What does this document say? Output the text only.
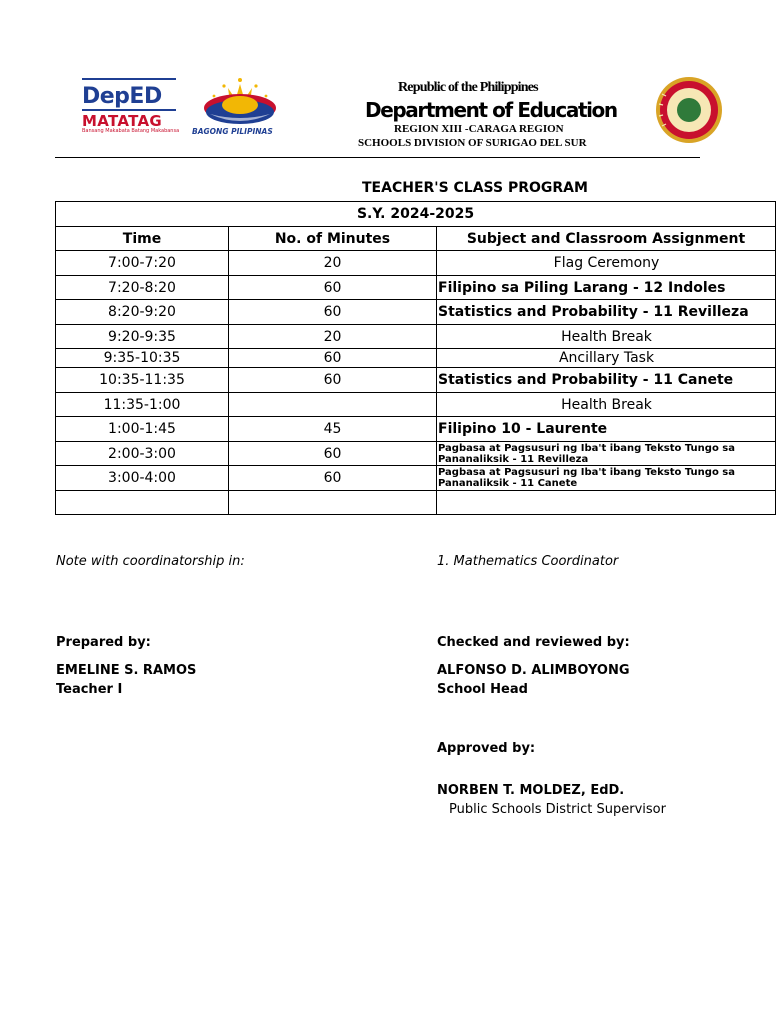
DepED
MATATAG
Bansang Makabata Batang Makabansa BAGONG PILIPINAS
Republic of the Philippines
Department of Education
REGION XIII -CARAGA REGION
SCHOOLS DIVISION OF SURIGAO DEL SUR
TEACHER'S CLASS PROGRAM
S.Y. 2024-2025		
Time	No. of Minutes	Subject and Classroom Assignment
7:00-7:20	20	Flag Ceremony
7:20-8:20	60	Filipino sa Piling Larang - 12 Indoles
8:20-9:20	60	Statistics and Probability - 11 Revilleza
9:20-9:35	20	Health Break
9:35-10:35	60	Ancillary Task
10:35-11:35	60	Statistics and Probability - 11 Canete
11:35-1:00		Health Break
1:00-1:45	45	Filipino 10 - Laurente
2:00-3:00	60	Pagbasa at Pagsusuri ng Iba't ibang Teksto Tungo sa
Pananaliksik - 11 Revilleza

3:00-4:00	60	Pagbasa at Pagsusuri ng Iba't ibang Teksto Tungo sa
Pananaliksik - 11 Canete

Note with coordinatorship in:	1. Mathematics Coordinator
Prepared by:
EMELINE S. RAMOS
Teacher I
Checked and reviewed by:
ALFONSO D. ALIMBOYONG
School Head
Approved by:
NORBEN T. MOLDEZ, EdD.
Public Schools District Supervisor
